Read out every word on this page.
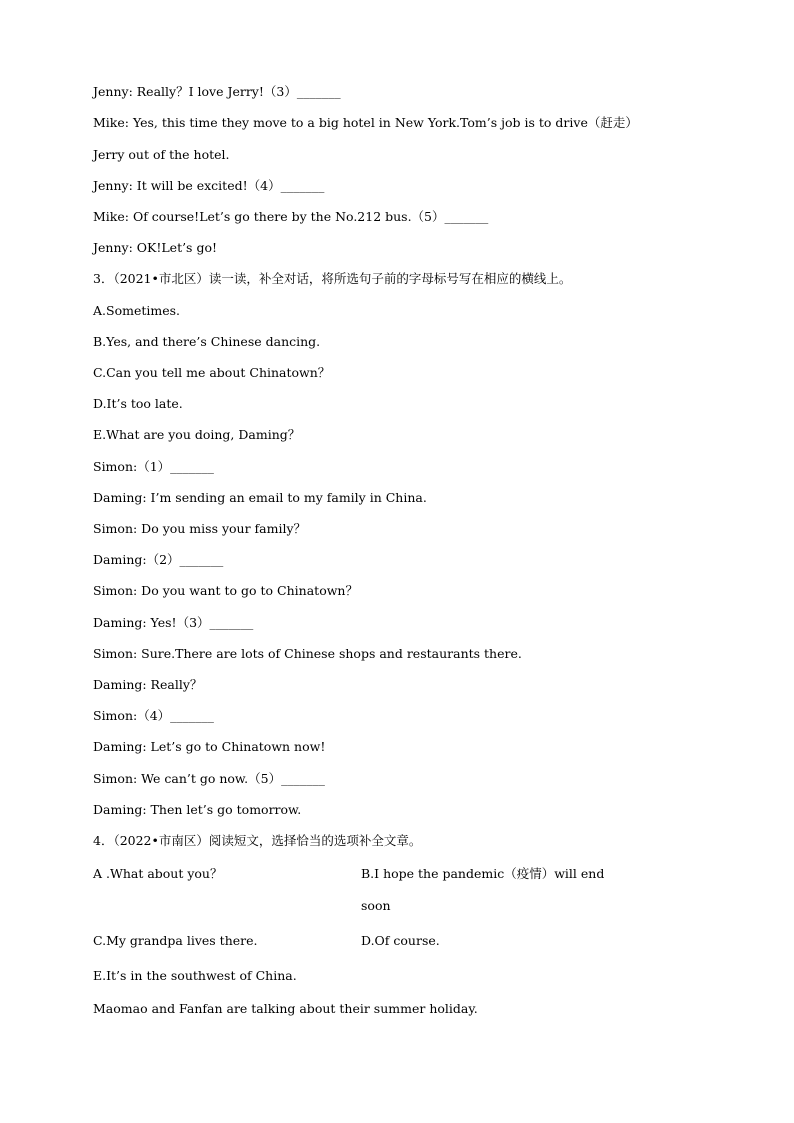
Jenny: Really？I love Jerry!（3）_______
Mike: Yes, this time they move to a big hotel in New York.Tom’s job is to drive（赶走）
Jerry out of the hotel.
Jenny: It will be excited!（4）_______
Mike: Of course!Let’s go there by the No.212 bus.（5）_______
Jenny: OK!Let’s go!
3．（2021•市北区）读一读，补全对话，将所选句子前的字母标号写在相应的横线上。
A.Sometimes.
B.Yes, and there’s Chinese dancing.
C.Can you tell me about Chinatown？
D.It’s too late.
E.What are you doing, Daming？
Simon:（1）_______
Daming: I’m sending an email to my family in China.
Simon: Do you miss your family？
Daming:（2）_______
Simon: Do you want to go to Chinatown？
Daming: Yes!（3）_______
Simon: Sure.There are lots of Chinese shops and restaurants there.
Daming: Really？
Simon:（4）_______
Daming: Let’s go to Chinatown now!
Simon: We can’t go now.（5）_______
Daming: Then let’s go tomorrow.
4．（2022•市南区）阅读短文，选择恰当的选项补全文章。
A .What about you？	B.I hope the pandemic（疫情）will end
soon
C.My grandpa lives there.	D.Of course.
E.It’s in the southwest of China.
Maomao and Fanfan are talking about their summer holiday.
